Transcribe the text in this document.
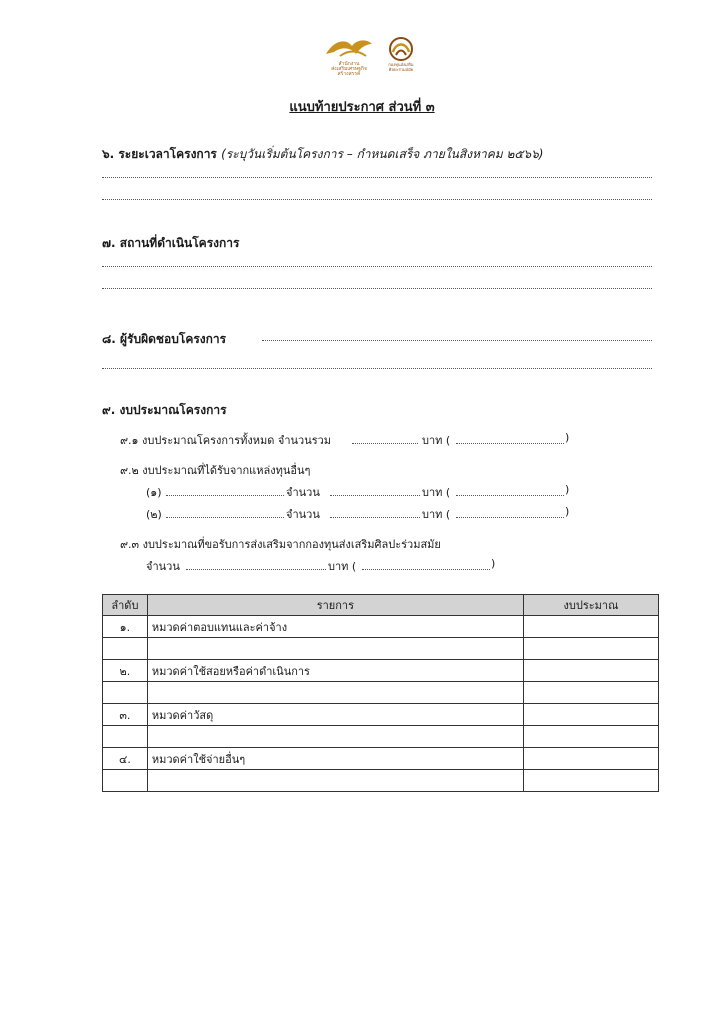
สำนักงาน
ส่งเสริมเศรษฐกิจ
สร้างสรรค์
กองทุนส่งเสริม
ศิลปะร่วมสมัย
แนบท้ายประกาศ ส่วนที่ ๓
๖. ระยะเวลาโครงการ (ระบุวันเริ่มต้นโครงการ – กำหนดเสร็จ ภายในสิงหาคม ๒๕๖๖)
๗. สถานที่ดำเนินโครงการ
๘. ผู้รับผิดชอบโครงการ
๙. งบประมาณโครงการ
๙.๑ งบประมาณโครงการทั้งหมด จำนวนรวม	บาท (	)
๙.๒ งบประมาณที่ได้รับจากแหล่งทุนอื่นๆ
(๑)	จำนวน	บาท (	)
(๒)	จำนวน	บาท (	)
๙.๓ งบประมาณที่ขอรับการส่งเสริมจากกองทุนส่งเสริมศิลปะร่วมสมัย
จำนวน	บาท (	)
ลำดับ	รายการ	งบประมาณ
๑.	หมวดค่าตอบแทนและค่าจ้าง	

๒.	หมวดค่าใช้สอยหรือค่าดำเนินการ	

๓.	หมวดค่าวัสดุ	

๔.	หมวดค่าใช้จ่ายอื่นๆ	
